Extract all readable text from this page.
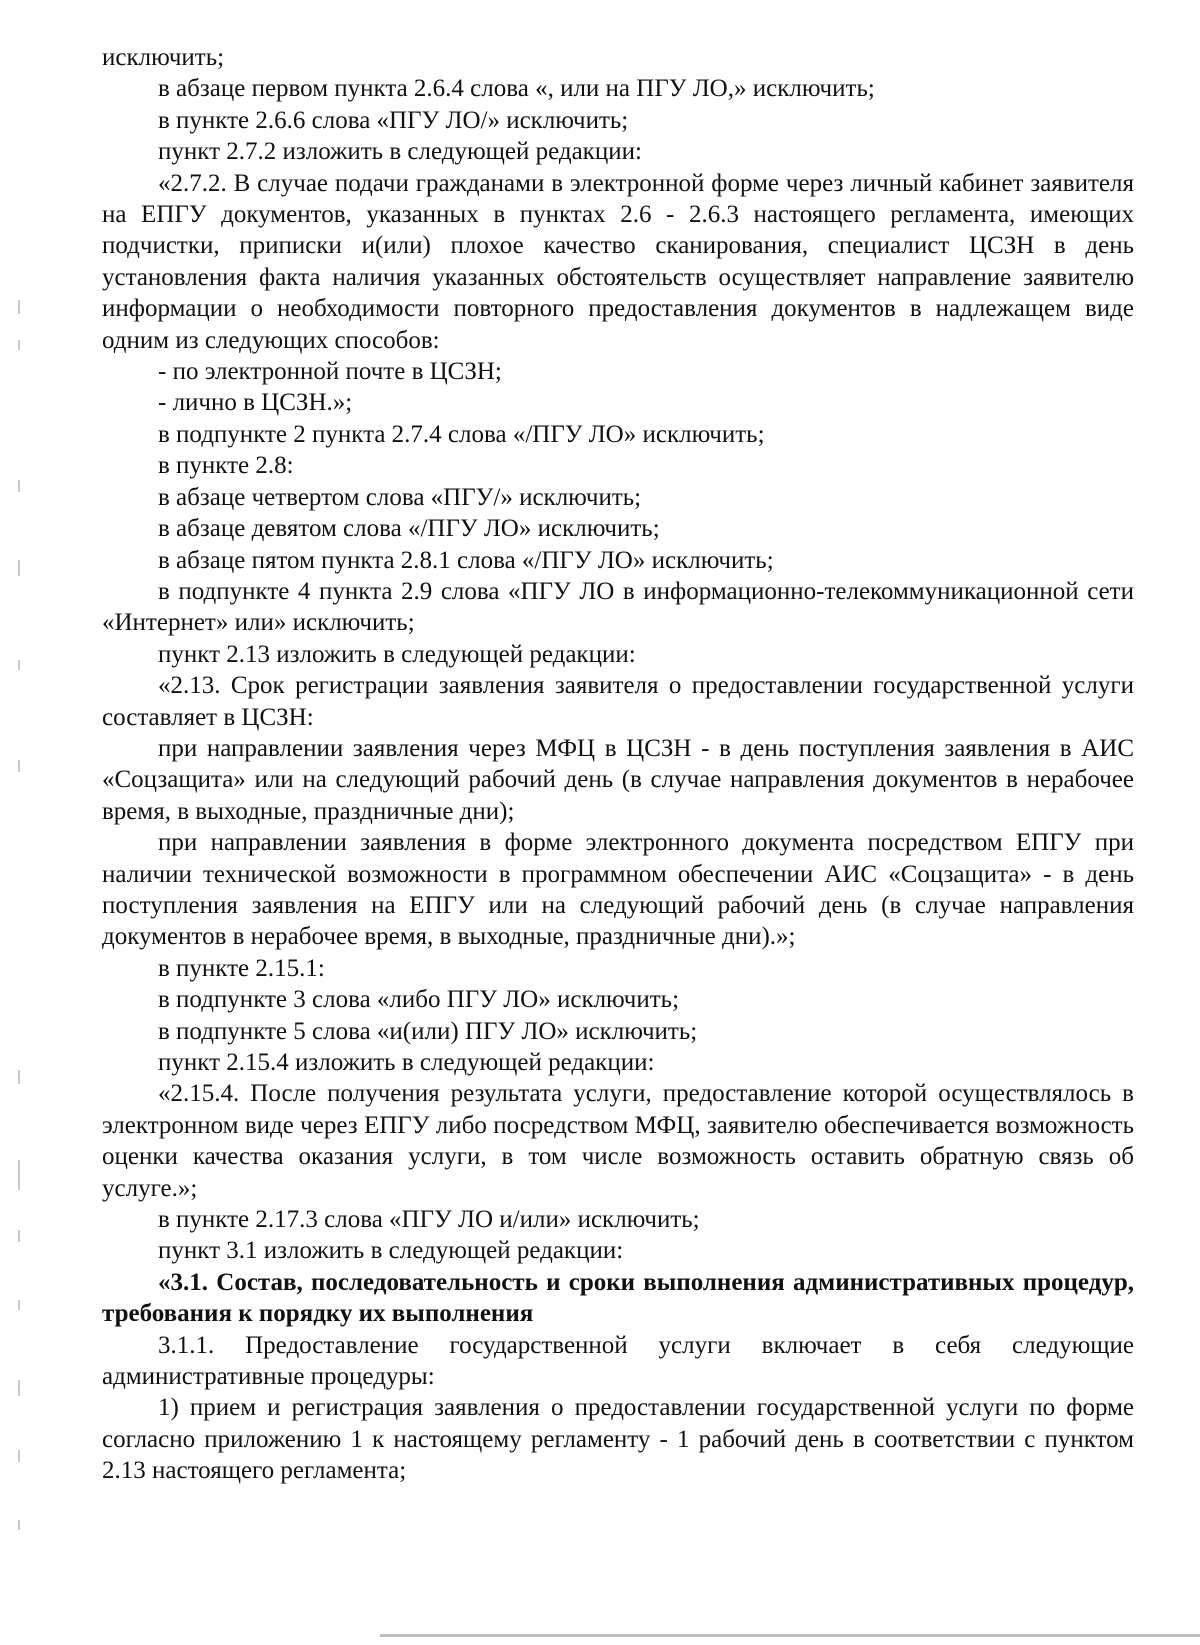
исключить;

в абзаце первом пункта 2.6.4 слова «, или на ПГУ ЛО,» исключить;

в пункте 2.6.6 слова «ПГУ ЛО/» исключить;

пункт 2.7.2 изложить в следующей редакции:

«2.7.2. В случае подачи гражданами в электронной форме через личный кабинет заявителя на ЕПГУ документов, указанных в пунктах 2.6 - 2.6.3 настоящего регламента, имеющих подчистки, приписки и(или) плохое качество сканирования, специалист ЦСЗН в день установления факта наличия указанных обстоятельств осуществляет направление заявителю информации о необходимости повторного предоставления документов в надлежащем виде одним из следующих способов:

- по электронной почте в ЦСЗН;

- лично в ЦСЗН.»;

в подпункте 2 пункта 2.7.4 слова «/ПГУ ЛО» исключить;

в пункте 2.8:

в абзаце четвертом слова «ПГУ/» исключить;

в абзаце девятом слова «/ПГУ ЛО» исключить;

в абзаце пятом пункта 2.8.1 слова «/ПГУ ЛО» исключить;

в подпункте 4 пункта 2.9 слова «ПГУ ЛО в информационно-телекоммуникационной сети «Интернет» или» исключить;

пункт 2.13 изложить в следующей редакции:

«2.13. Срок регистрации заявления заявителя о предоставлении государственной услуги составляет в ЦСЗН:

при направлении заявления через МФЦ в ЦСЗН - в день поступления заявления в АИС «Соцзащита» или на следующий рабочий день (в случае направления документов в нерабочее время, в выходные, праздничные дни);

при направлении заявления в форме электронного документа посредством ЕПГУ при наличии технической возможности в программном обеспечении АИС «Соцзащита» - в день поступления заявления на ЕПГУ или на следующий рабочий день (в случае направления документов в нерабочее время, в выходные, праздничные дни).»;

в пункте 2.15.1:

в подпункте 3 слова «либо ПГУ ЛО» исключить;

в подпункте 5 слова «и(или) ПГУ ЛО» исключить;

пункт 2.15.4 изложить в следующей редакции:

«2.15.4. После получения результата услуги, предоставление которой осуществлялось в электронном виде через ЕПГУ либо посредством МФЦ, заявителю обеспечивается возможность оценки качества оказания услуги, в том числе возможность оставить обратную связь об услуге.»;

в пункте 2.17.3 слова «ПГУ ЛО и/или» исключить;

пункт 3.1 изложить в следующей редакции:

«3.1. Состав, последовательность и сроки выполнения административных процедур, требования к порядку их выполнения

3.1.1. Предоставление государственной услуги включает в себя следующие административные процедуры:

1) прием и регистрация заявления о предоставлении государственной услуги по форме согласно приложению 1 к настоящему регламенту - 1 рабочий день в соответствии с пунктом 2.13 настоящего регламента;
